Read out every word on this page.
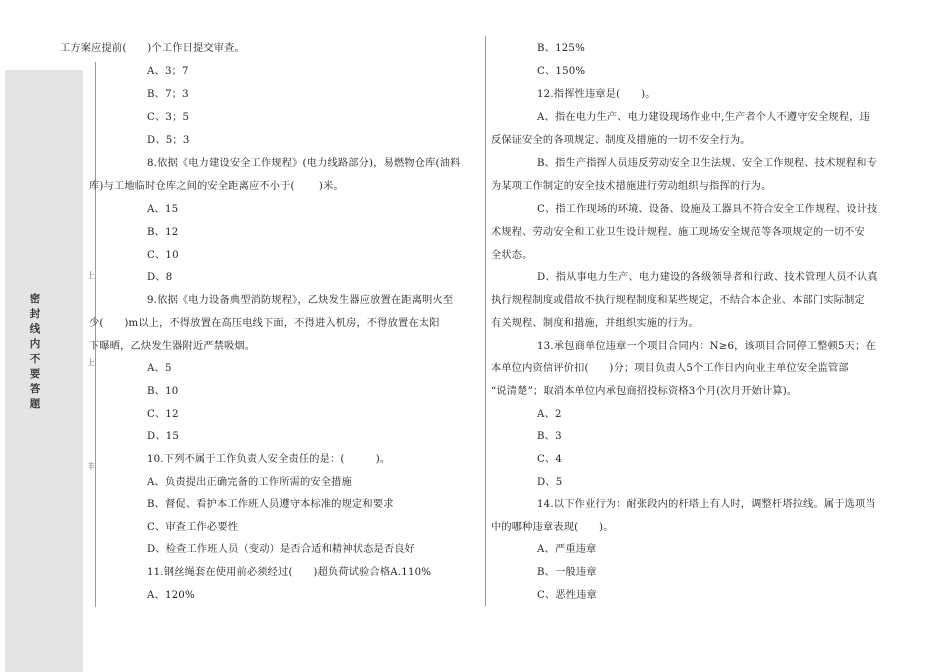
密封线内不要答题
上
上
丰
工方案应提前(　　)个工作日提交审查。
A、3；7
B、7；3
C、3；5
D、5；3
8.依据《电力建设安全工作规程》(电力线路部分)，易燃物仓库(油料
库)与工地临时仓库之间的安全距离应不小于(　　 )米。
A、15
B、12
C、10
D、8
9.依据《电力设备典型消防规程》，乙炔发生器应放置在距离明火至
少(　　)m以上，不得放置在高压电线下面，不得进入机房，不得放置在太阳
下曝晒，乙炔发生器附近严禁吸烟。
A、5
B、10
C、12
D、15
10.下列不属于工作负责人安全责任的是：(　　　)。
A、负责提出正确完备的工作所需的安全措施
B、督促、看护本工作班人员遵守本标准的规定和要求
C、审查工作必要性
D、检查工作班人员（变动）是否合适和精神状态是否良好
11.钢丝绳套在使用前必须经过(　　)超负荷试验合格A.110%
A、120%
B、125%
C、150%
12.指挥性违章是(　　)。
A、指在电力生产、电力建设现场作业中,生产者个人不遵守安全规程，违
反保证安全的各项规定、制度及措施的一切不安全行为。
B、指生产指挥人员违反劳动安全卫生法规、安全工作规程、技术规程和专
为某项工作制定的安全技术措施进行劳动组织与指挥的行为。
C、指工作现场的环境、设备、设施及工器具不符合安全工作规程、设计技
术规程、劳动安全和工业卫生设计规程、施工现场安全规范等各项规定的一切不安
全状态。
D、指从事电力生产、电力建设的各级领导者和行政、技术管理人员不认真
执行规程制度或借故不执行规程制度和某些规定，不结合本企业、本部门实际制定
有关规程、制度和措施，并组织实施的行为。
13.承包商单位违章一个项目合同内：N≥6，该项目合同停工整顿5天；在
本单位内资信评价扣(　　)分；项目负责人5个工作日内向业主单位安全监管部
“说清楚”；取消本单位内承包商招投标资格3个月(次月开始计算)。
A、2
B、3
C、4
D、5
14.以下作业行为：耐张段内的杆塔上有人时，调整杆塔拉线。属于选项当
中的哪种违章表现(　　)。
A、严重违章
B、一般违章
C、恶性违章
